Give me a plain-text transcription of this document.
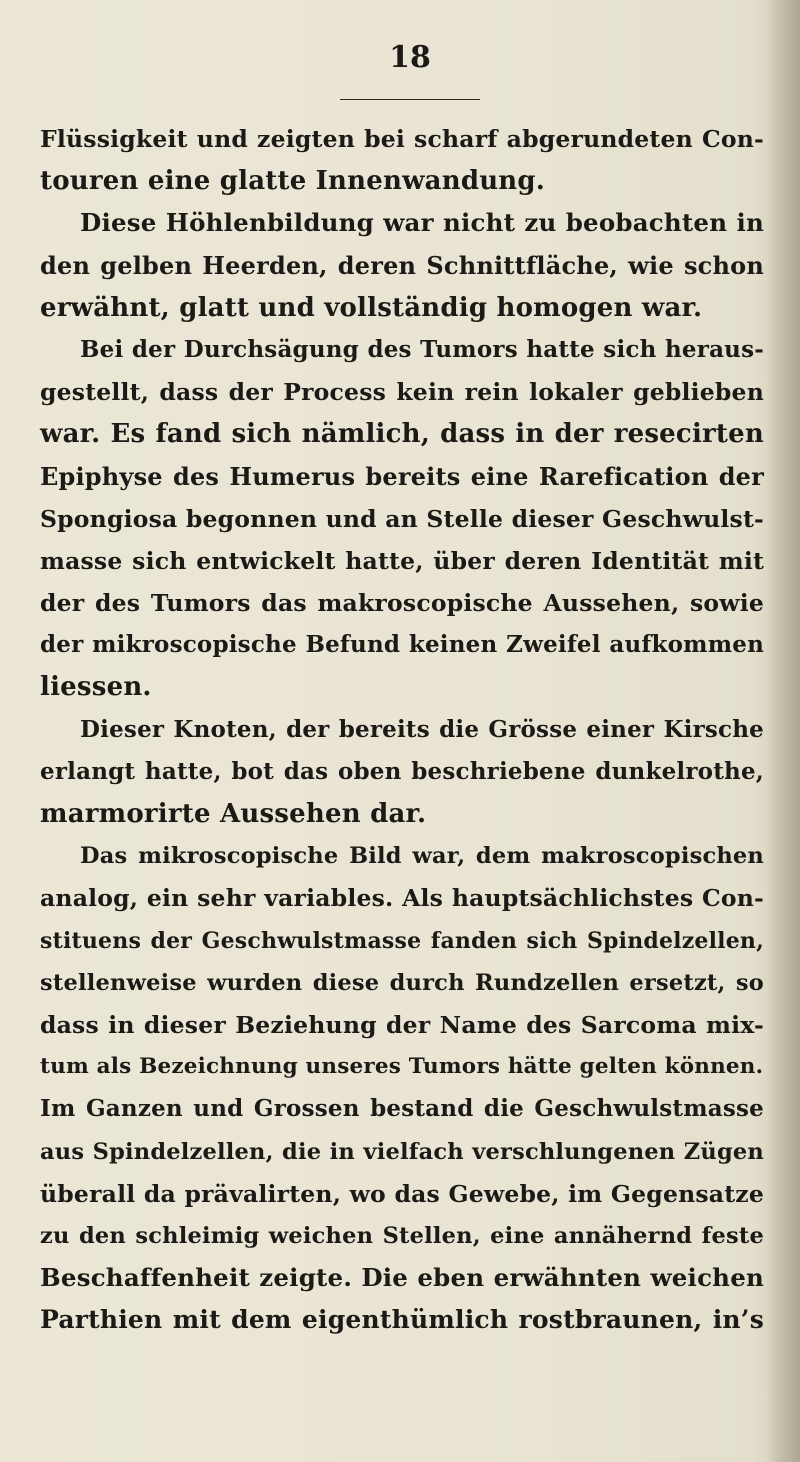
18
Flüssigkeit und zeigten bei scharf abgerundeten Con-
touren eine glatte Innenwandung.
Diese Höhlenbildung war nicht zu beobachten in
den gelben Heerden, deren Schnittfläche, wie schon
erwähnt, glatt und vollständig homogen war.
Bei der Durchsägung des Tumors hatte sich heraus-
gestellt, dass der Process kein rein lokaler geblieben
war. Es fand sich nämlich, dass in der resecirten
Epiphyse des Humerus bereits eine Rarefication der
Spongiosa begonnen und an Stelle dieser Geschwulst-
masse sich entwickelt hatte, über deren Identität mit
der des Tumors das makroscopische Aussehen, sowie
der mikroscopische Befund keinen Zweifel aufkommen
liessen.
Dieser Knoten, der bereits die Grösse einer Kirsche
erlangt hatte, bot das oben beschriebene dunkelrothe,
marmorirte Aussehen dar.
Das mikroscopische Bild war, dem makroscopischen
analog, ein sehr variables. Als hauptsächlichstes Con-
stituens der Geschwulstmasse fanden sich Spindelzellen,
stellenweise wurden diese durch Rundzellen ersetzt, so
dass in dieser Beziehung der Name des Sarcoma mix-
tum als Bezeichnung unseres Tumors hätte gelten können.
Im Ganzen und Grossen bestand die Geschwulstmasse
aus Spindelzellen, die in vielfach verschlungenen Zügen
überall da prävalirten, wo das Gewebe, im Gegensatze
zu den schleimig weichen Stellen, eine annähernd feste
Beschaffenheit zeigte. Die eben erwähnten weichen
Parthien mit dem eigenthümlich rostbraunen, in’s
